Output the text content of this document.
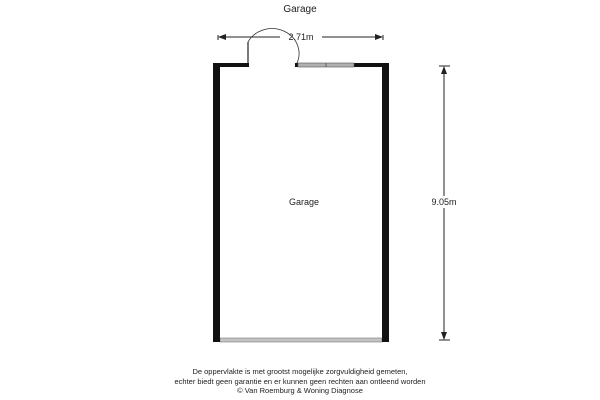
Garage
2.71m
9.05m
Garage
De oppervlakte is met grootst mogelijke zorgvuldigheid gemeten,
echter biedt geen garantie en er kunnen geen rechten aan ontleend worden
© Van Roemburg & Woning Diagnose
